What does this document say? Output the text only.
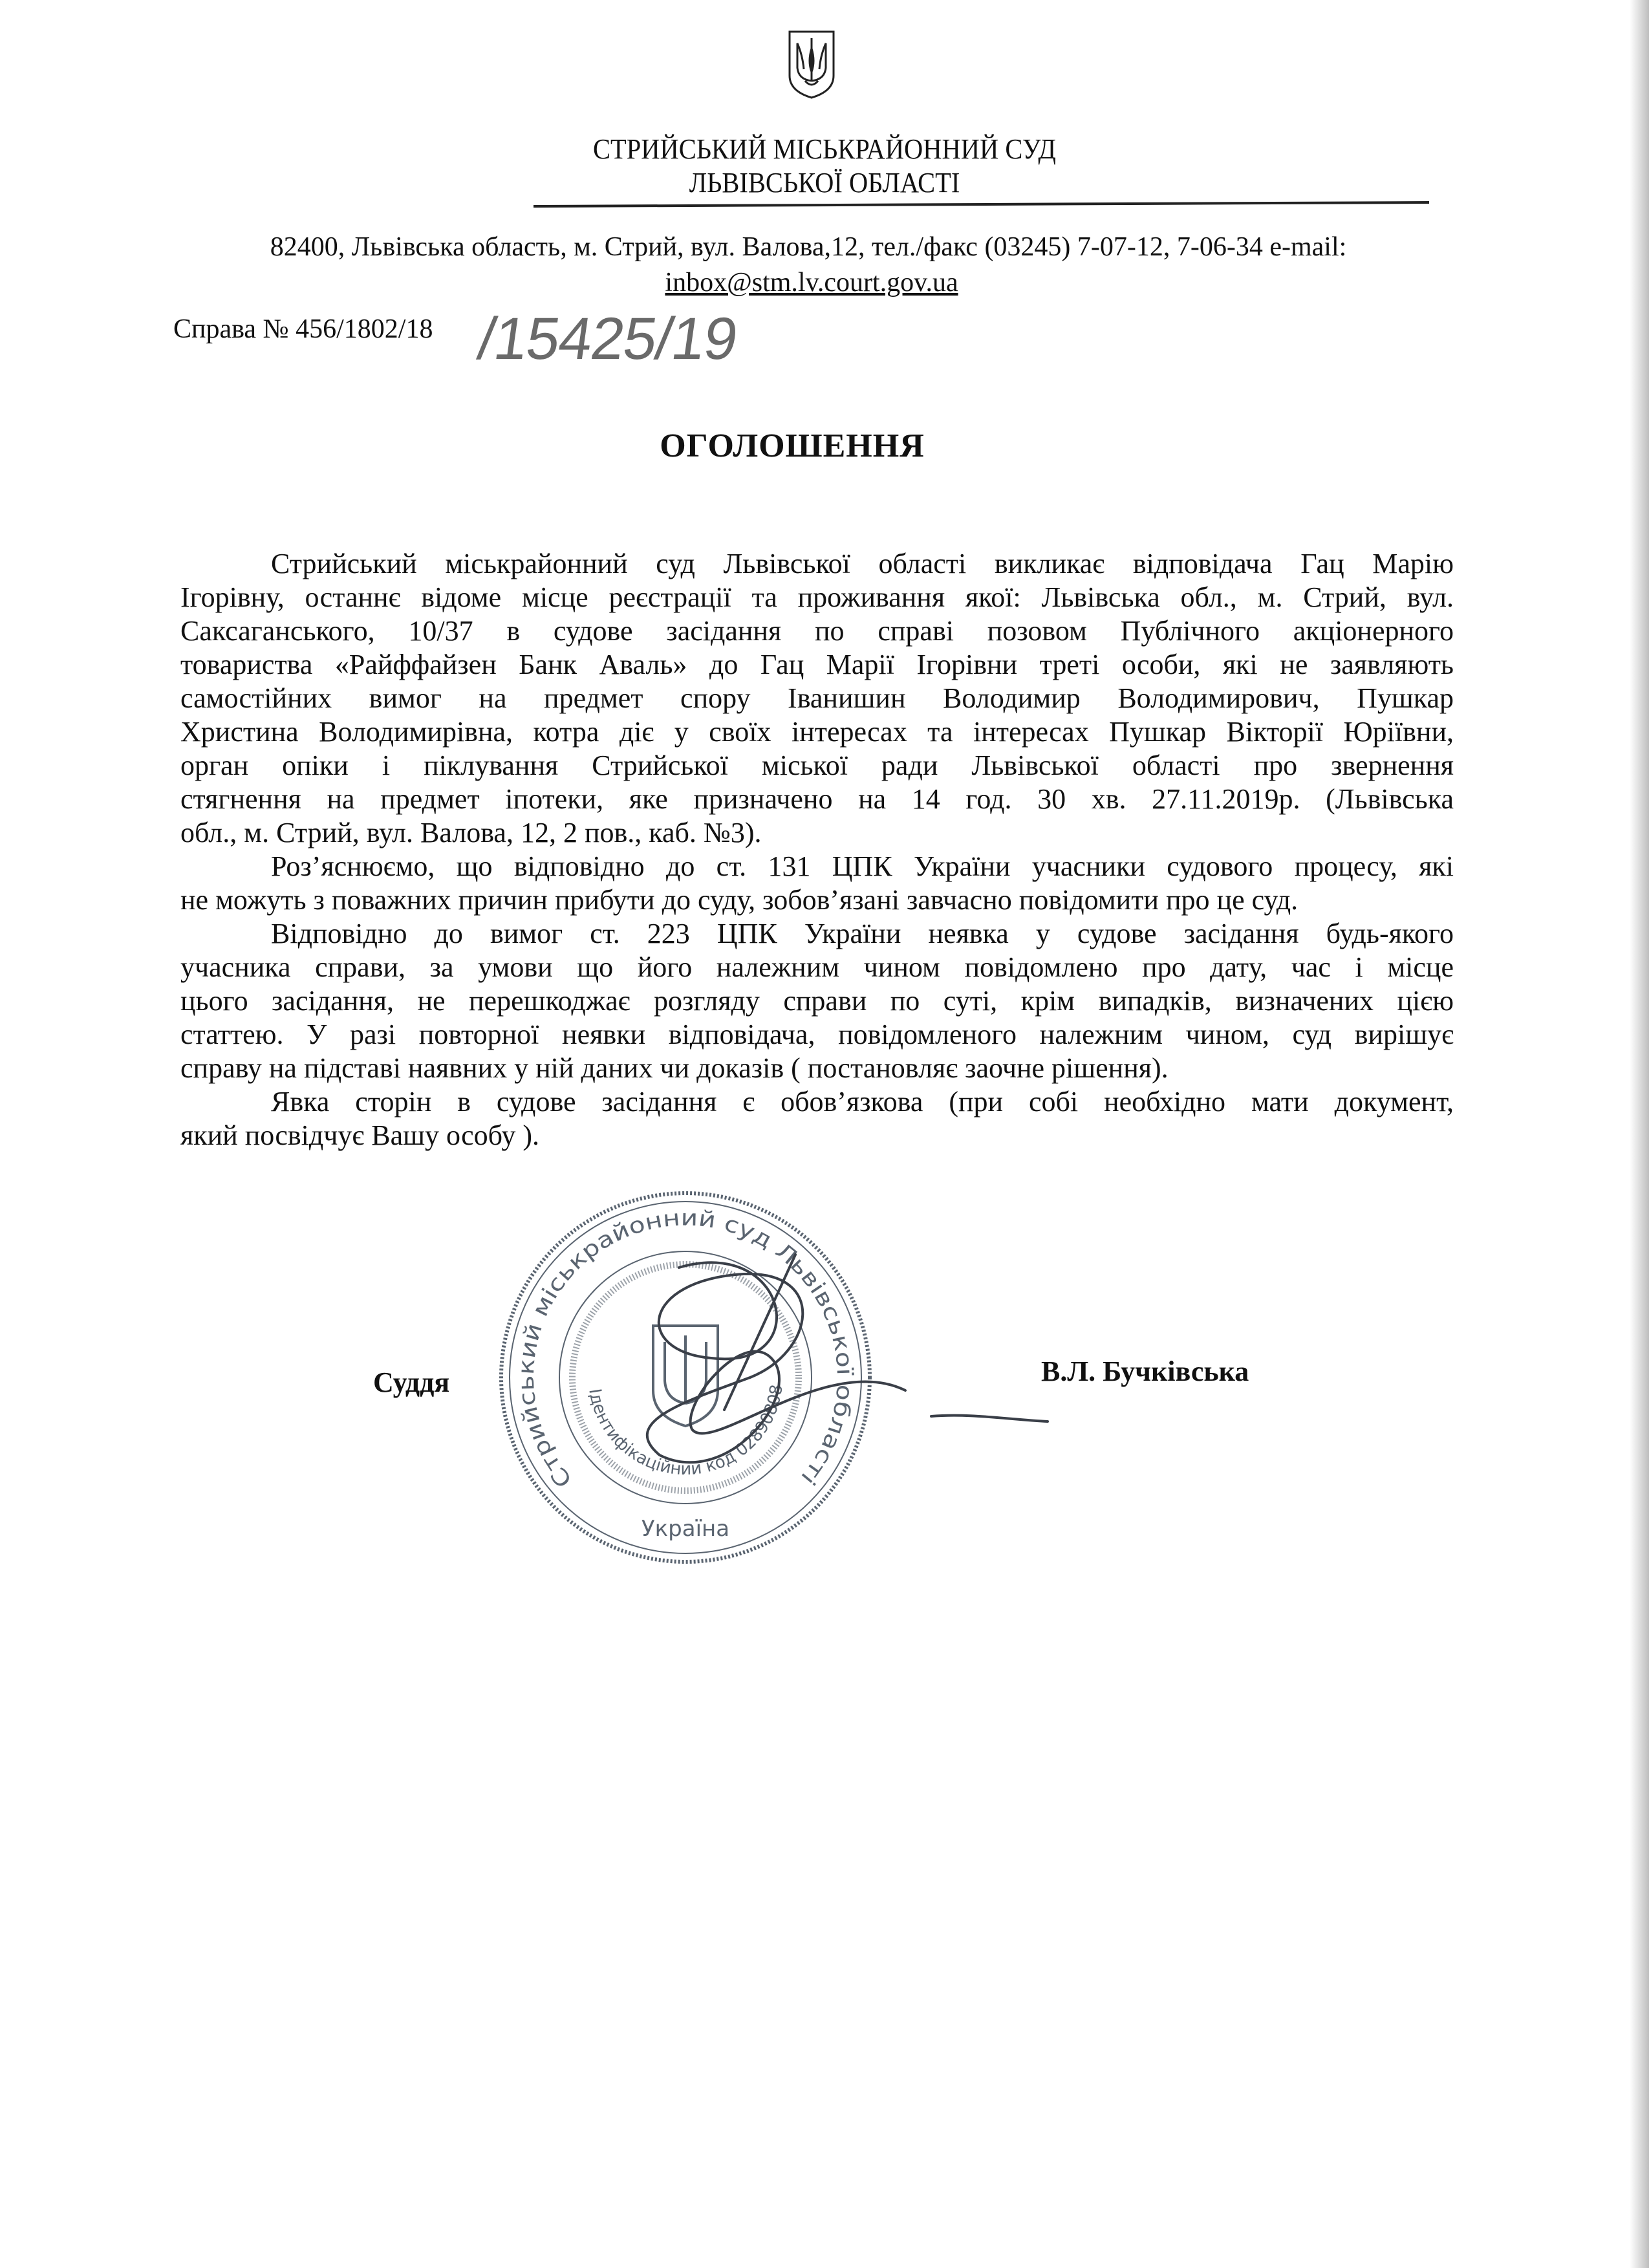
СТРИЙСЬКИЙ МІСЬКРАЙОННИЙ СУД
ЛЬВІВСЬКОЇ ОБЛАСТІ
82400, Львівська область, м. Стрий, вул. Валова,12, тел./факс (03245) 7-07-12, 7-06-34 e-mail:
inbox@stm.lv.court.gov.ua
Справа № 456/1802/18 /15425/19
ОГОЛОШЕННЯ
Стрийський міськрайонний суд Львівської області викликає відповідача Гац Марію
Ігорівну, останнє відоме місце реєстрації та проживання якої: Львівська обл., м. Стрий, вул.
Саксаганського, 10/37 в судове засідання по справі позовом Публічного акціонерного
товариства «Райффайзен Банк Аваль» до Гац Марії Ігорівни треті особи, які не заявляють
самостійних вимог на предмет спору Іванишин Володимир Володимирович, Пушкар
Христина Володимирівна, котра діє у своїх інтересах та інтересах Пушкар Вікторії Юріївни,
орган опіки і піклування Стрийської міської ради Львівської області про звернення
стягнення на предмет іпотеки, яке призначено на 14 год. 30 хв. 27.11.2019р. (Львівська
обл., м. Стрий, вул. Валова, 12, 2 пов., каб. №3).
Роз’яснюємо, що відповідно до ст. 131 ЦПК України учасники судового процесу, які
не можуть з поважних причин прибути до суду, зобов’язані завчасно повідомити про це суд.
Відповідно до вимог ст. 223 ЦПК України неявка у судове засідання будь-якого
учасника справи, за умови що його належним чином повідомлено про дату, час і місце
цього засідання, не перешкоджає розгляду справи по суті, крім випадків, визначених цією
статтею. У разі повторної неявки відповідача, повідомленого належним чином, суд вирішує
справу на підставі наявних у ній даних чи доказів ( постановляє заочне рішення).
Явка сторін в судове засідання є обов’язкова (при собі необхідно мати документ,
який посвідчує Вашу особу ).
Стрийський міськрайонний суд Львівської області
Ідентифікаційний код 02890808
Україна
Суддя	В.Л. Бучківська
